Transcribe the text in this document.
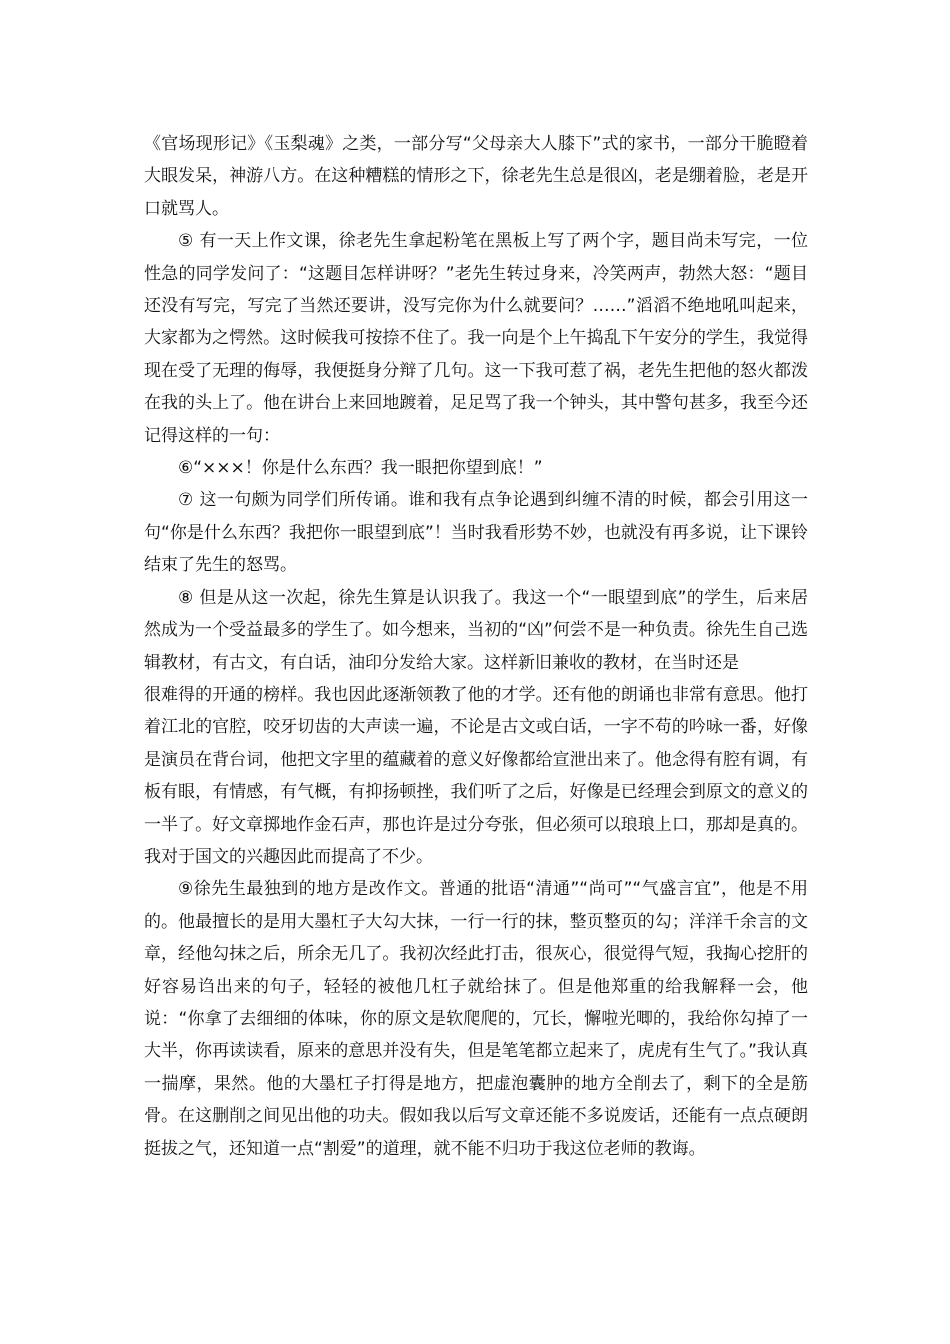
《官场现形记》《玉梨魂》之类，一部分写“父母亲大人膝下”式的家书，一部分干脆瞪着大眼发呆，神游八方。在这种糟糕的情形之下，徐老先生总是很凶，老是绷着脸，老是开口就骂人。

⑤ 有一天上作文课，徐老先生拿起粉笔在黑板上写了两个字，题目尚未写完，一位性急的同学发问了：“这题目怎样讲呀？”老先生转过身来，冷笑两声，勃然大怒：“题目还没有写完，写完了当然还要讲，没写完你为什么就要问？……”滔滔不绝地吼叫起来，大家都为之愕然。这时候我可按捺不住了。我一向是个上午捣乱下午安分的学生，我觉得现在受了无理的侮辱，我便挺身分辩了几句。这一下我可惹了祸，老先生把他的怒火都泼在我的头上了。他在讲台上来回地踱着，足足骂了我一个钟头，其中警句甚多，我至今还记得这样的一句：

⑥“×××！你是什么东西？我一眼把你望到底！”

⑦ 这一句颇为同学们所传诵。谁和我有点争论遇到纠缠不清的时候，都会引用这一句“你是什么东西？我把你一眼望到底”！当时我看形势不妙，也就没有再多说，让下课铃结束了先生的怒骂。

⑧ 但是从这一次起，徐先生算是认识我了。我这一个“一眼望到底”的学生，后来居然成为一个受益最多的学生了。如今想来，当初的“凶”何尝不是一种负责。徐先生自己选辑教材，有古文，有白话，油印分发给大家。这样新旧兼收的教材，在当时还是

很难得的开通的榜样。我也因此逐渐领教了他的才学。还有他的朗诵也非常有意思。他打着江北的官腔，咬牙切齿的大声读一遍，不论是古文或白话，一字不苟的吟咏一番，好像是演员在背台词，他把文字里的蕴藏着的意义好像都给宣泄出来了。他念得有腔有调，有板有眼，有情感，有气概，有抑扬顿挫，我们听了之后，好像是已经理会到原文的意义的一半了。好文章掷地作金石声，那也许是过分夸张，但必须可以琅琅上口，那却是真的。我对于国文的兴趣因此而提高了不少。

⑨徐先生最独到的地方是改作文。普通的批语“清通”“尚可”“气盛言宜”，他是不用的。他最擅长的是用大墨杠子大勾大抹，一行一行的抹，整页整页的勾；洋洋千余言的文章，经他勾抹之后，所余无几了。我初次经此打击，很灰心，很觉得气短，我掏心挖肝的好容易诌出来的句子，轻轻的被他几杠子就给抹了。但是他郑重的给我解释一会，他说：“你拿了去细细的体味，你的原文是软爬爬的，冗长，懈啦光唧的，我给你勾掉了一大半，你再读读看，原来的意思并没有失，但是笔笔都立起来了，虎虎有生气了。”我认真一揣摩，果然。他的大墨杠子打得是地方，把虚泡囊肿的地方全削去了，剩下的全是筋骨。在这删削之间见出他的功夫。假如我以后写文章还能不多说废话，还能有一点点硬朗挺拔之气，还知道一点“割爱”的道理，就不能不归功于我这位老师的教诲。
